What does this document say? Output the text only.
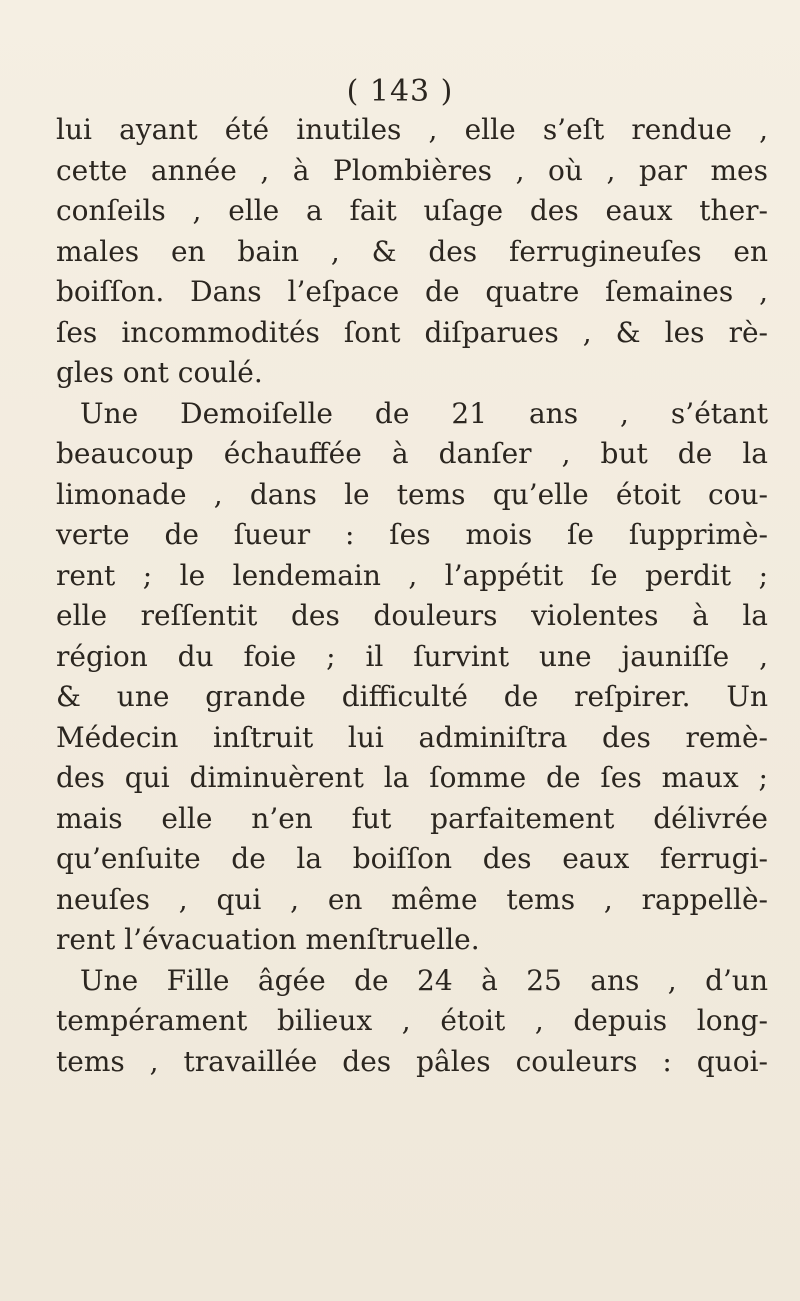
( 143 )
lui ayant été inutiles , elle s’eſt rendue ,
cette année , à Plombières , où , par mes
conſeils , elle a fait uſage des eaux ther-
males en bain , & des ferrugineuſes en
boiſſon. Dans l’eſpace de quatre ſemaines ,
ſes incommodités ſont diſparues , & les rè-
gles ont coulé.
Une Demoiſelle de 21 ans , s’étant
beaucoup échauffée à danſer , but de la
limonade , dans le tems qu’elle étoit cou-
verte de ſueur : ſes mois ſe ſupprimè-
rent ; le lendemain , l’appétit ſe perdit ;
elle reſſentit des douleurs violentes à la
région du foie ; il ſurvint une jauniſſe ,
& une grande difficulté de reſpirer. Un
Médecin inſtruit lui adminiſtra des remè-
des qui diminuèrent la ſomme de ſes maux ;
mais elle n’en fut parfaitement délivrée
qu’enſuite de la boiſſon des eaux ferrugi-
neuſes , qui , en même tems , rappellè-
rent l’évacuation menſtruelle.
Une Fille âgée de 24 à 25 ans , d’un
tempérament bilieux , étoit , depuis long-
tems , travaillée des pâles couleurs : quoi-
